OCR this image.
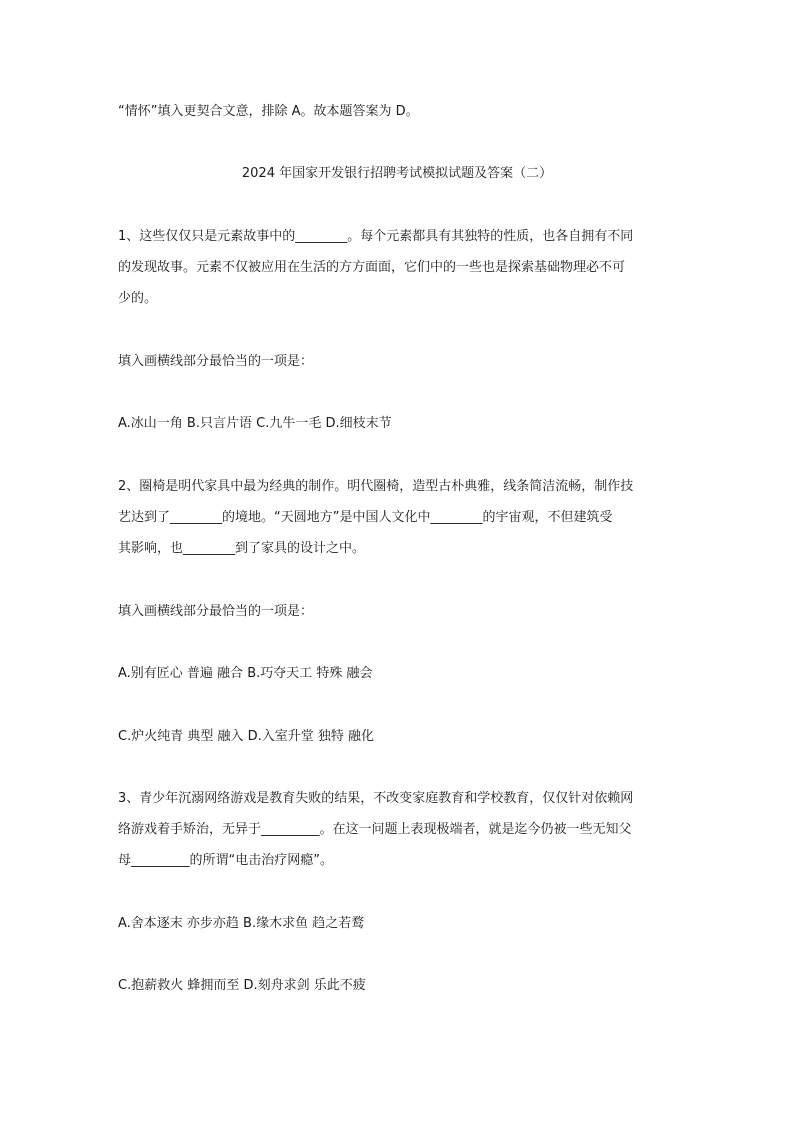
“情怀”填入更契合文意，排除 A。故本题答案为 D。
2024 年国家开发银行招聘考试模拟试题及答案（二）
1、这些仅仅只是元素故事中的________。每个元素都具有其独特的性质，也各自拥有不同
的发现故事。元素不仅被应用在生活的方方面面，它们中的一些也是探索基础物理必不可
少的。
填入画横线部分最恰当的一项是：
A.冰山一角 B.只言片语 C.九牛一毛 D.细枝末节
2、圈椅是明代家具中最为经典的制作。明代圈椅，造型古朴典雅，线条简洁流畅，制作技
艺达到了________的境地。“天圆地方”是中国人文化中________的宇宙观，不但建筑受
其影响，也________到了家具的设计之中。
填入画横线部分最恰当的一项是：
A.别有匠心 普遍 融合 B.巧夺天工 特殊 融会
C.炉火纯青 典型 融入 D.入室升堂 独特 融化
3、青少年沉溺网络游戏是教育失败的结果，不改变家庭教育和学校教育，仅仅针对依赖网
络游戏着手矫治，无异于_________。在这一问题上表现极端者，就是迄今仍被一些无知父
母_________的所谓“电击治疗网瘾”。
A.舍本逐末 亦步亦趋 B.缘木求鱼 趋之若鹜
C.抱薪救火 蜂拥而至 D.刻舟求剑 乐此不疲
